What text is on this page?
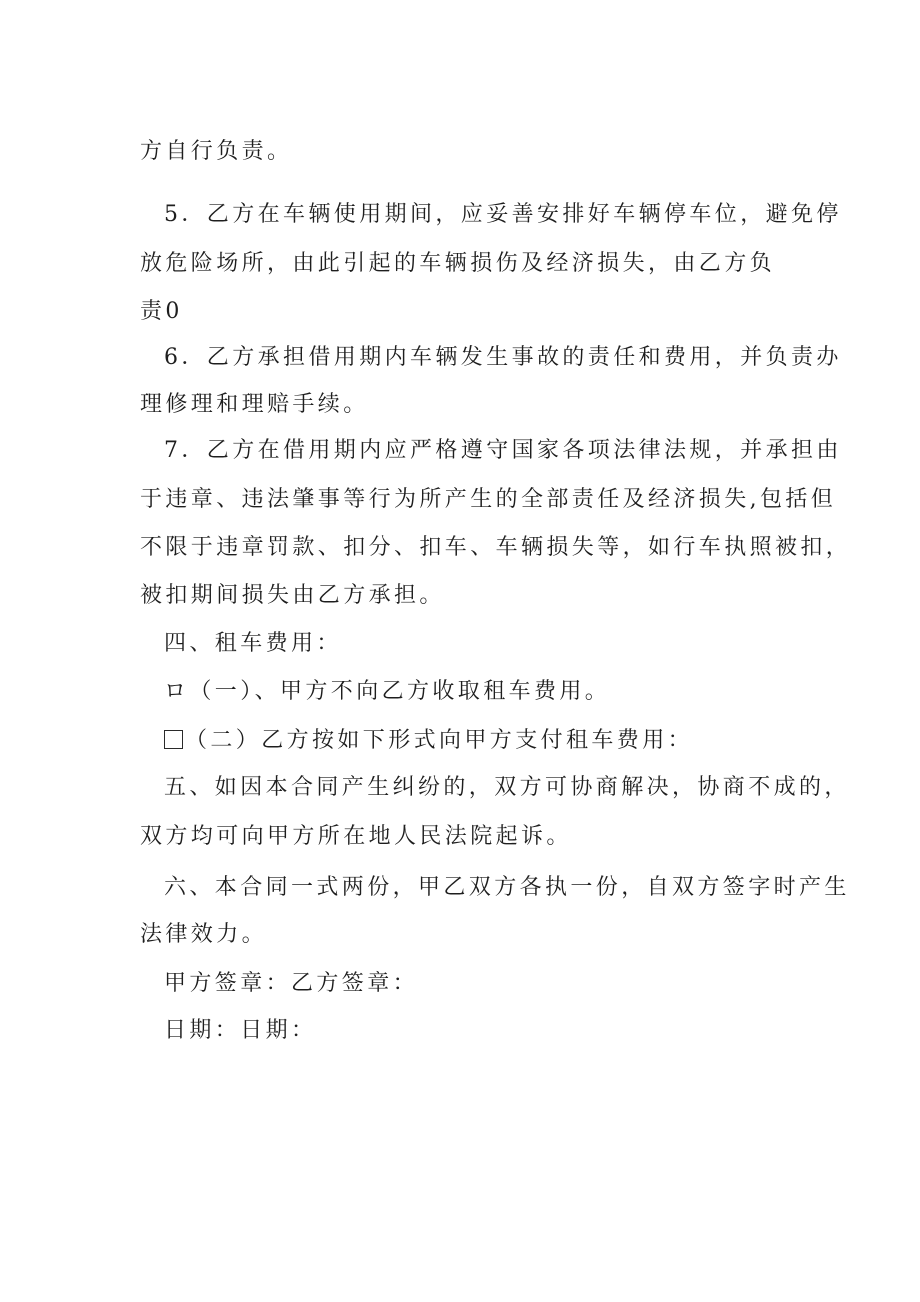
方自行负责。
5．乙方在车辆使用期间，应妥善安排好车辆停车位，避免停
放危险场所，由此引起的车辆损伤及经济损失，由乙方负
责0
6．乙方承担借用期内车辆发生事故的责任和费用，并负责办
理修理和理赔手续。
7．乙方在借用期内应严格遵守国家各项法律法规，并承担由
于违章、违法肇事等行为所产生的全部责任及经济损失,包括但
不限于违章罚款、扣分、扣车、车辆损失等，如行车执照被扣，
被扣期间损失由乙方承担。
四、租车费用：
ロ（一）、甲方不向乙方收取租车费用。
（二）乙方按如下形式向甲方支付租车费用：
五、如因本合同产生纠纷的，双方可协商解决，协商不成的，
双方均可向甲方所在地人民法院起诉。
六、本合同一式两份，甲乙双方各执一份，自双方签字时产生
法律效力。
甲方签章：乙方签章：
日期：日期：
